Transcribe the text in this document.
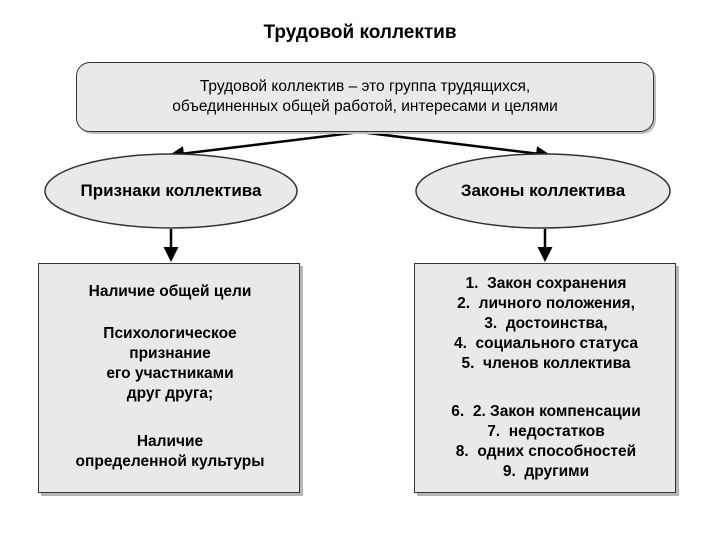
Трудовой коллектив
Трудовой коллектив – это группа трудящихся,
объединенных общей работой, интересами и целями
Признаки коллектива	Законы коллектива
Наличие общей цели
Психологическое
признание
его участниками
друг друга;
Наличие
определенной культуры
1. Закон сохранения
2. личного положения,
3. достоинства,
4. социального статуса
5. членов коллектива
6. 2. Закон компенсации
7. недостатков
8. одних способностей
9. другими
